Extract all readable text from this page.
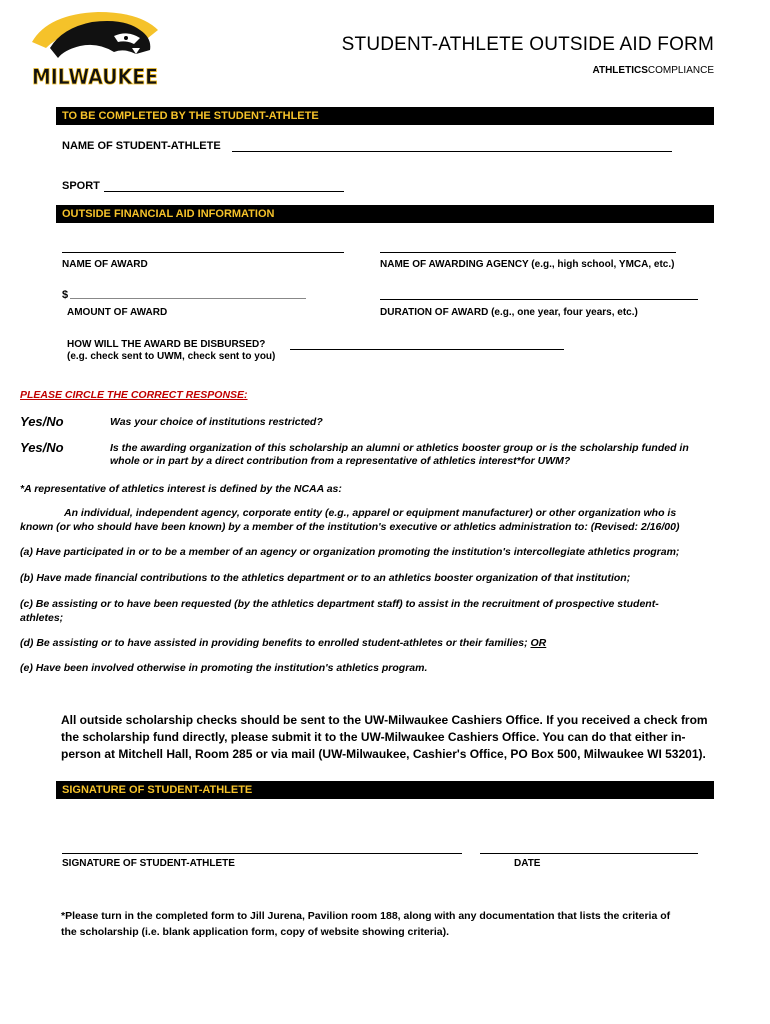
MILWAUKEE
STUDENT-ATHLETE OUTSIDE AID FORM
ATHLETICSCOMPLIANCE
TO BE COMPLETED BY THE STUDENT-ATHLETE
NAME OF STUDENT-ATHLETE
SPORT
OUTSIDE FINANCIAL AID INFORMATION
NAME OF AWARD	NAME OF AWARDING AGENCY (e.g., high school, YMCA, etc.)
$
AMOUNT OF AWARD	DURATION OF AWARD (e.g., one year, four years, etc.)
HOW WILL THE AWARD BE DISBURSED?
(e.g. check sent to UWM, check sent to you)
PLEASE CIRCLE THE CORRECT RESPONSE:
Yes/No	Was your choice of institutions restricted?
Yes/No	Is the awarding organization of this scholarship an alumni or athletics booster group or is the scholarship funded in
whole or in part by a direct contribution from a representative of athletics interest*for UWM?
*A representative of athletics interest is defined by the NCAA as:
An individual, independent agency, corporate entity (e.g., apparel or equipment manufacturer) or other organization who is
known (or who should have been known) by a member of the institution's executive or athletics administration to: (Revised: 2/16/00)
(a) Have participated in or to be a member of an agency or organization promoting the institution's intercollegiate athletics program;
(b) Have made financial contributions to the athletics department or to an athletics booster organization of that institution;
(c) Be assisting or to have been requested (by the athletics department staff) to assist in the recruitment of prospective student-
athletes;
(d) Be assisting or to have assisted in providing benefits to enrolled student-athletes or their families; OR
(e) Have been involved otherwise in promoting the institution's athletics program.
All outside scholarship checks should be sent to the UW-Milwaukee Cashiers Office. If you received a check from
the scholarship fund directly, please submit it to the UW-Milwaukee Cashiers Office. You can do that either in-
person at Mitchell Hall, Room 285 or via mail (UW-Milwaukee, Cashier's Office, PO Box 500, Milwaukee WI 53201).
SIGNATURE OF STUDENT-ATHLETE
SIGNATURE OF STUDENT-ATHLETE	DATE
*Please turn in the completed form to Jill Jurena, Pavilion room 188, along with any documentation that lists the criteria of
the scholarship (i.e. blank application form, copy of website showing criteria).
